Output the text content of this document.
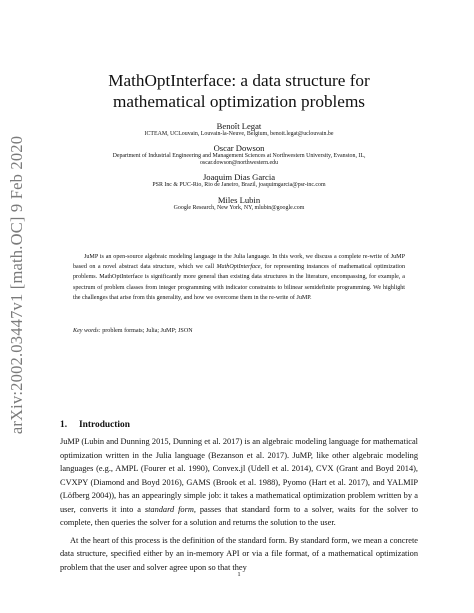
arXiv:2002.03447v1 [math.OC] 9 Feb 2020
MathOptInterface: a data structure for mathematical optimization problems
Benoît Legat
ICTEAM, UCLouvain, Louvain-la-Neuve, Belgium, benoit.legat@uclouvain.be
Oscar Dowson
Department of Industrial Engineering and Management Sciences at Northwestern University, Evanston, IL, oscar.dowson@northwestern.edu
Joaquim Dias Garcia
PSR Inc & PUC-Rio, Rio de Janeiro, Brazil, joaquimgarcia@psr-inc.com
Miles Lubin
Google Research, New York, NY, mlubin@google.com

JuMP is an open-source algebraic modeling language in the Julia language. In this work, we discuss a complete re-write of JuMP based on a novel abstract data structure, which we call MathOptInterface, for representing instances of mathematical optimization problems. MathOptInterface is significantly more general than existing data structures in the literature, encompassing, for example, a spectrum of problem classes from integer programming with indicator constraints to bilinear semidefinite programming. We highlight the challenges that arise from this generality, and how we overcome them in the re-write of JuMP.

Key words: problem formats; Julia; JuMP; JSON
1. Introduction

JuMP (Lubin and Dunning 2015, Dunning et al. 2017) is an algebraic modeling language for mathematical optimization written in the Julia language (Bezanson et al. 2017). JuMP, like other algebraic modeling languages (e.g., AMPL (Fourer et al. 1990), Convex.jl (Udell et al. 2014), CVX (Grant and Boyd 2014), CVXPY (Diamond and Boyd 2016), GAMS (Brook et al. 1988), Pyomo (Hart et al. 2017), and YALMIP (Löfberg 2004)), has an appearingly simple job: it takes a mathematical optimization problem written by a user, converts it into a standard form, passes that standard form to a solver, waits for the solver to complete, then queries the solver for a solution and returns the solution to the user.

At the heart of this process is the definition of the standard form. By standard form, we mean a concrete data structure, specified either by an in-memory API or via a file format, of a mathematical optimization problem that the user and solver agree upon so that they

1
